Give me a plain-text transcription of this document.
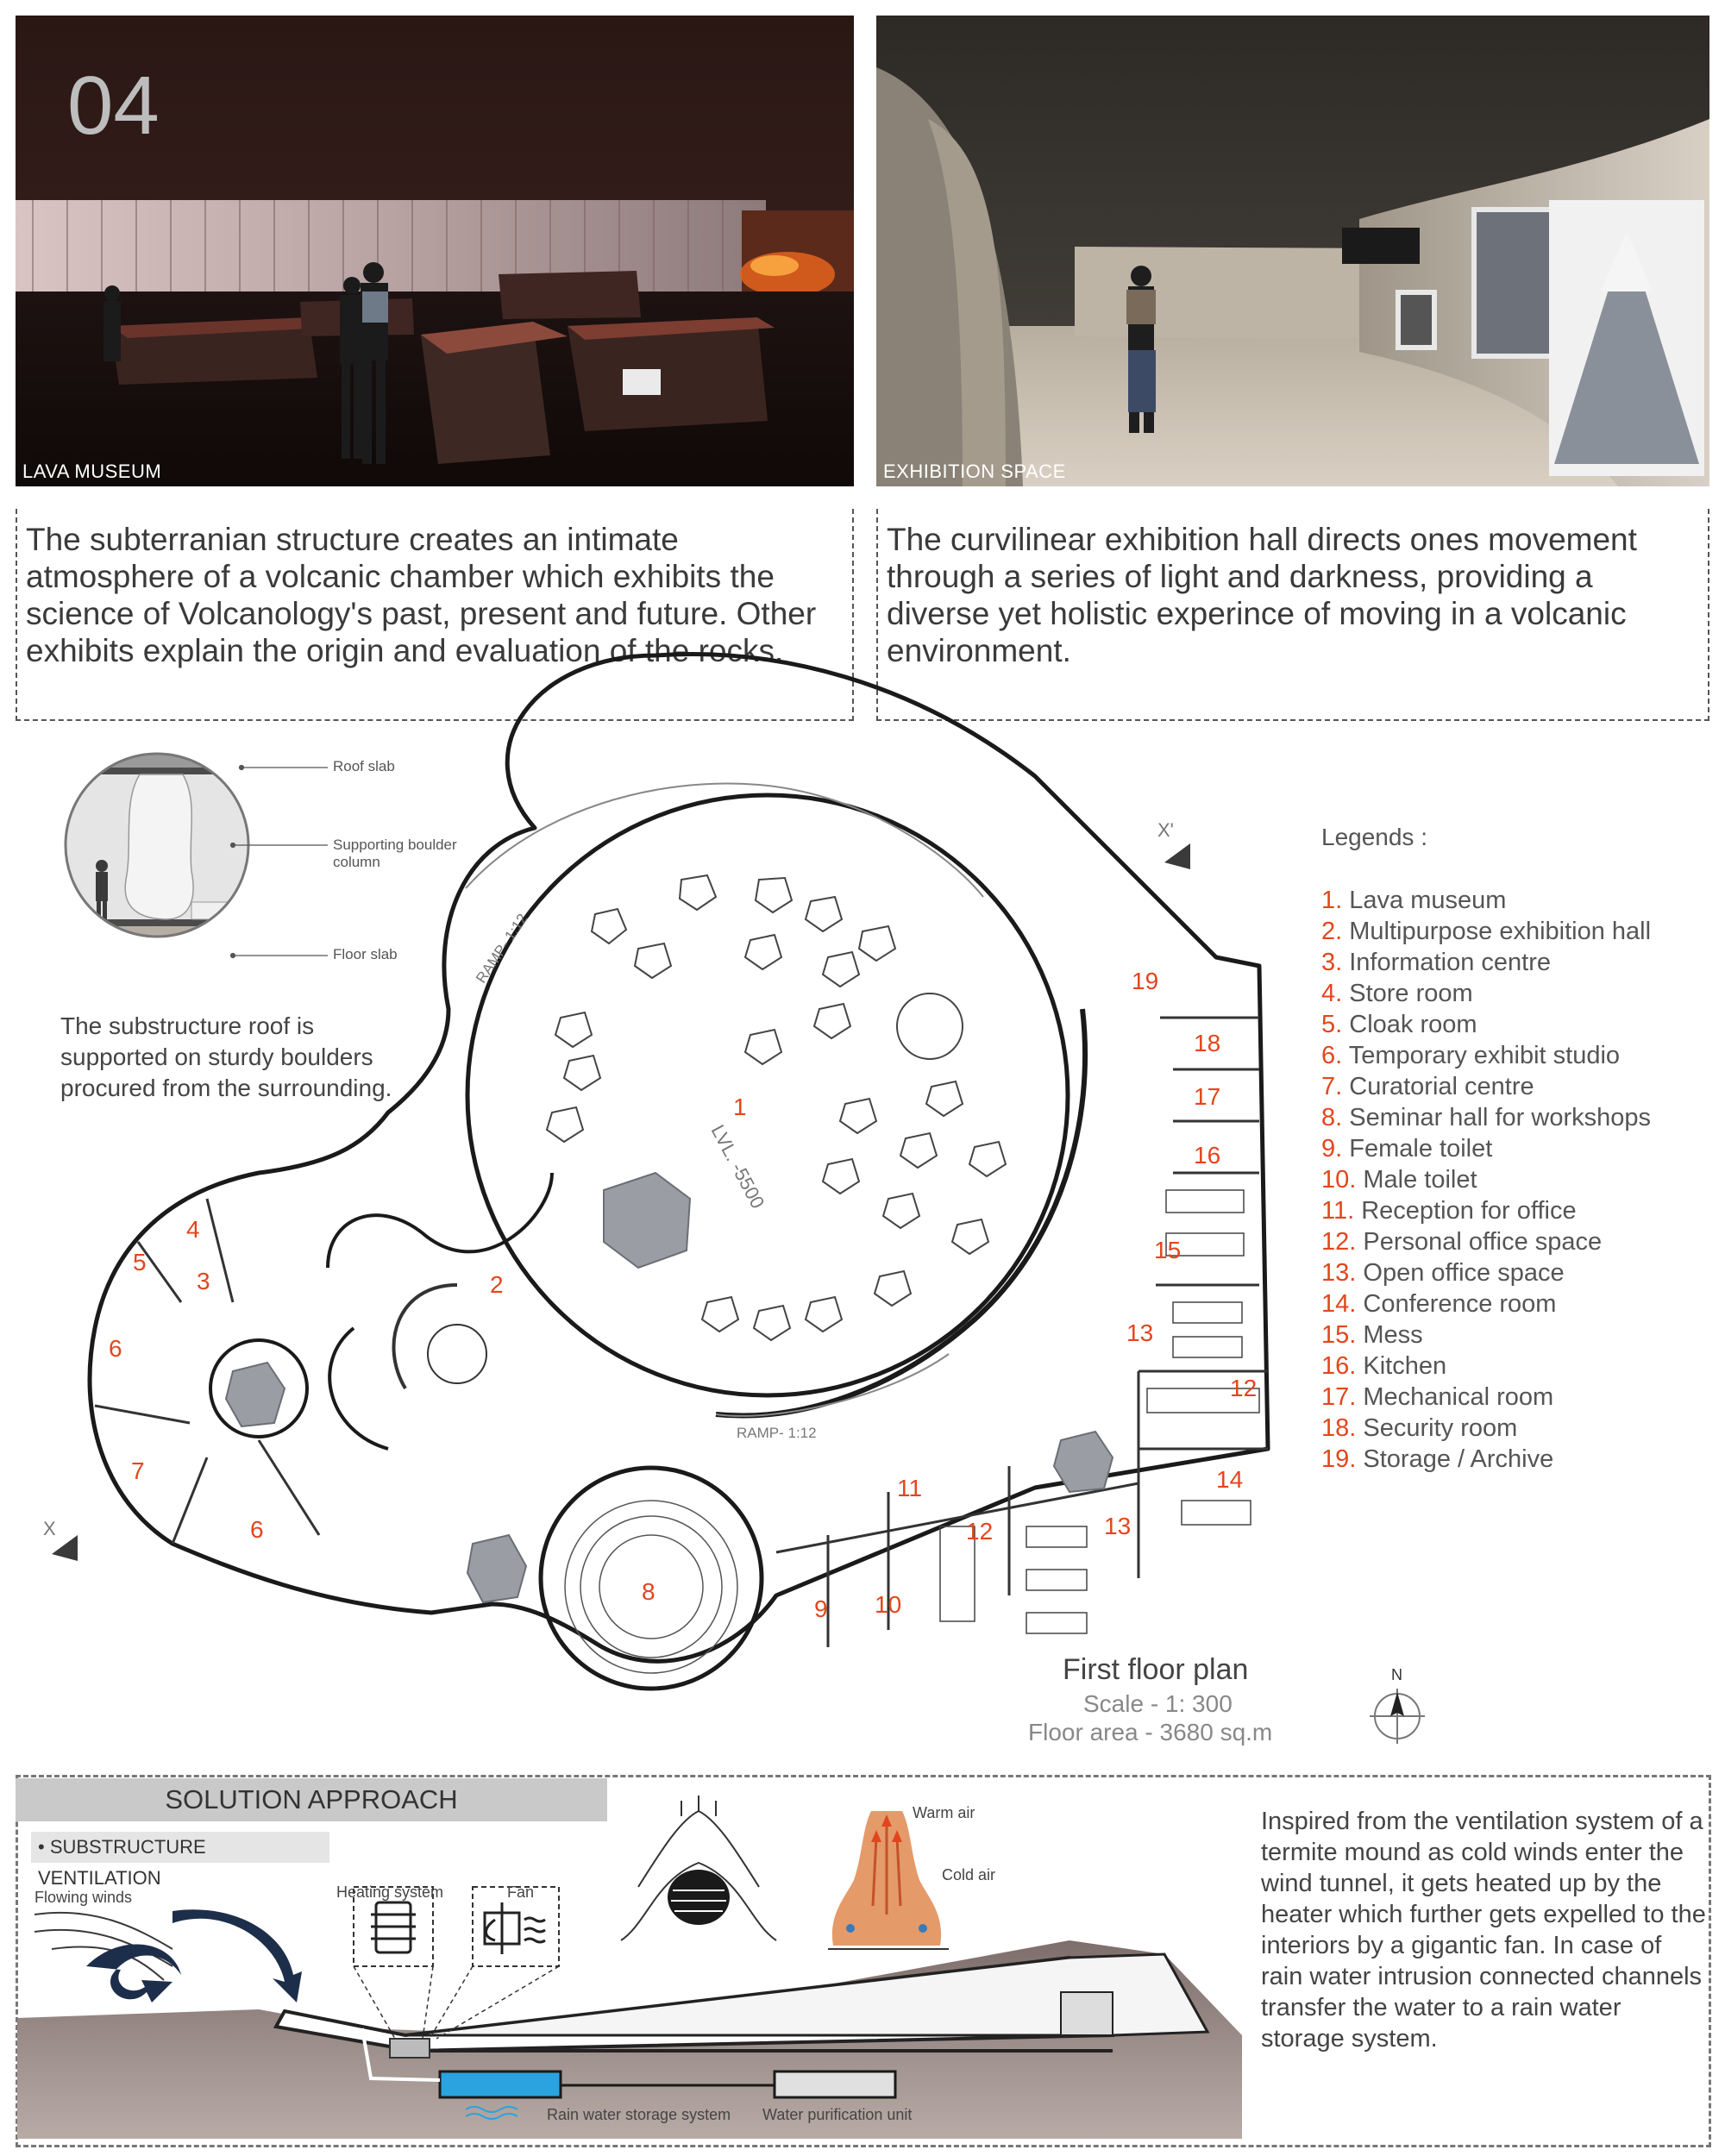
04
LAVA MUSEUM	EXHIBITION SPACE
The subterranian structure creates an intimate atmosphere of a volcanic chamber which exhibits the science of Volcanology's past, present and future. Other exhibits explain the origin and evaluation of the rocks.
The curvilinear exhibition hall directs ones movement through a series of light and darkness, providing a diverse yet holistic experince of moving in a volcanic environment.
Roof slab
Supporting boulder column
Floor slab
The substructure roof is supported on sturdy boulders procured from the surrounding.
LVL. -5500
RAMP- 1:12
RAMP- 1:12
X
X'
N
1
2
3
4
5
6
6
7
8
9 10
11
12
12
13
13
14
15
16
17
18
19
Legends :
1. Lava museum
2. Multipurpose exhibition hall
3. Information centre
4. Store room
5. Cloak room
6. Temporary exhibit studio
7. Curatorial centre
8. Seminar hall for workshops
9. Female toilet
10. Male toilet
11. Reception for office
12. Personal office space
13. Open office space
14. Conference room
15. Mess
16. Kitchen
17. Mechanical room
18. Security room
19. Storage / Archive
First floor plan
Scale - 1: 300
Floor area - 3680 sq.m
SOLUTION APPROACH
• SUBSTRUCTURE VENTILATION
Flowing winds	Heating system	Fan
Warm air
Cold air
Rain water storage system Water purification unit
Inspired from the ventilation system of a termite mound as cold winds enter the wind tunnel, it gets heated up by the heater which further gets expelled to the interiors by a gigantic fan. In case of rain water intrusion connected channels transfer the water to a rain water storage system.
